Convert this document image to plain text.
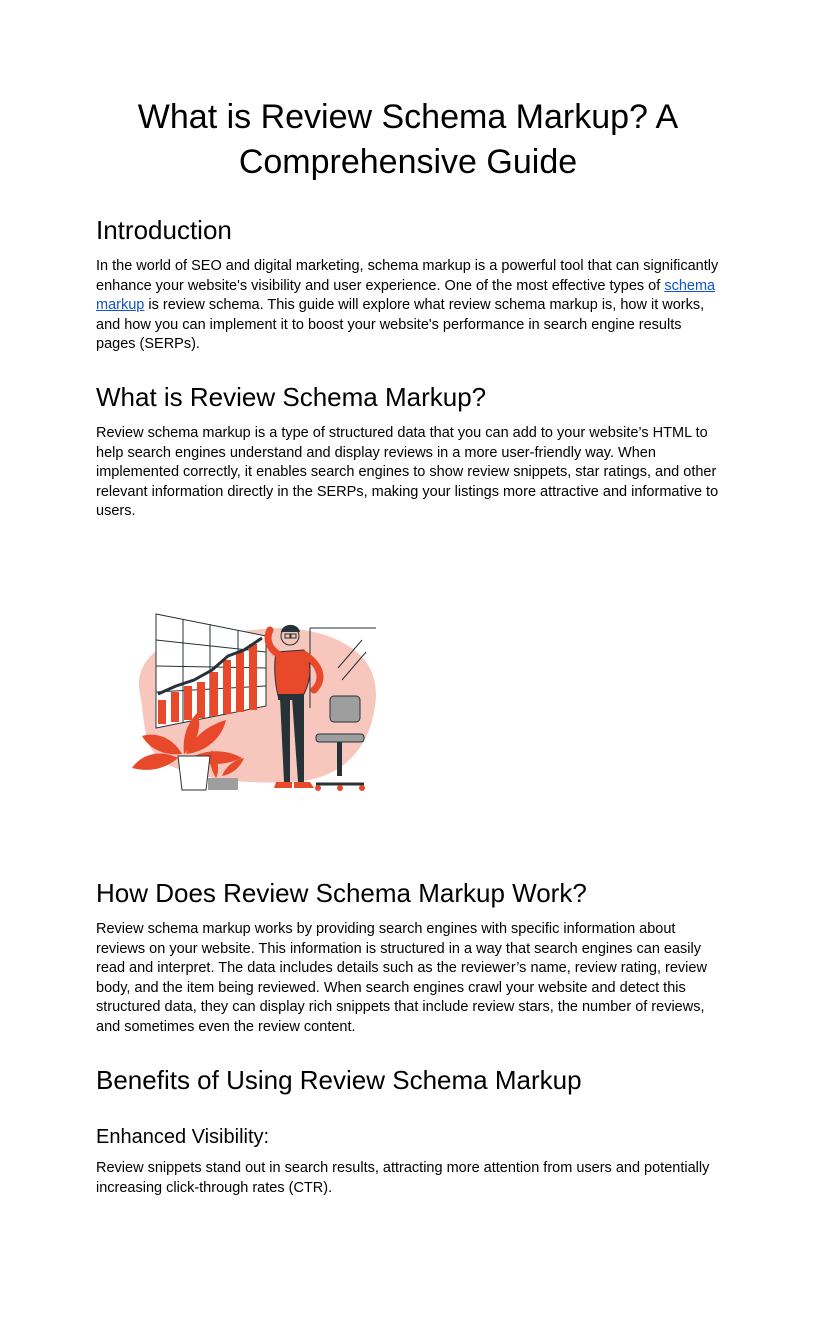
What is Review Schema Markup? A Comprehensive Guide
Introduction

In the world of SEO and digital marketing, schema markup is a powerful tool that can significantly enhance your website's visibility and user experience. One of the most effective types of schema markup is review schema. This guide will explore what review schema markup is, how it works, and how you can implement it to boost your website's performance in search engine results pages (SERPs).

What is Review Schema Markup?

Review schema markup is a type of structured data that you can add to your website’s HTML to help search engines understand and display reviews in a more user-friendly way. When implemented correctly, it enables search engines to show review snippets, star ratings, and other relevant information directly in the SERPs, making your listings more attractive and informative to users.

How Does Review Schema Markup Work?

Review schema markup works by providing search engines with specific information about reviews on your website. This information is structured in a way that search engines can easily read and interpret. The data includes details such as the reviewer’s name, review rating, review body, and the item being reviewed. When search engines crawl your website and detect this structured data, they can display rich snippets that include review stars, the number of reviews, and sometimes even the review content.

Benefits of Using Review Schema Markup
Enhanced Visibility:

Review snippets stand out in search results, attracting more attention from users and potentially increasing click-through rates (CTR).
